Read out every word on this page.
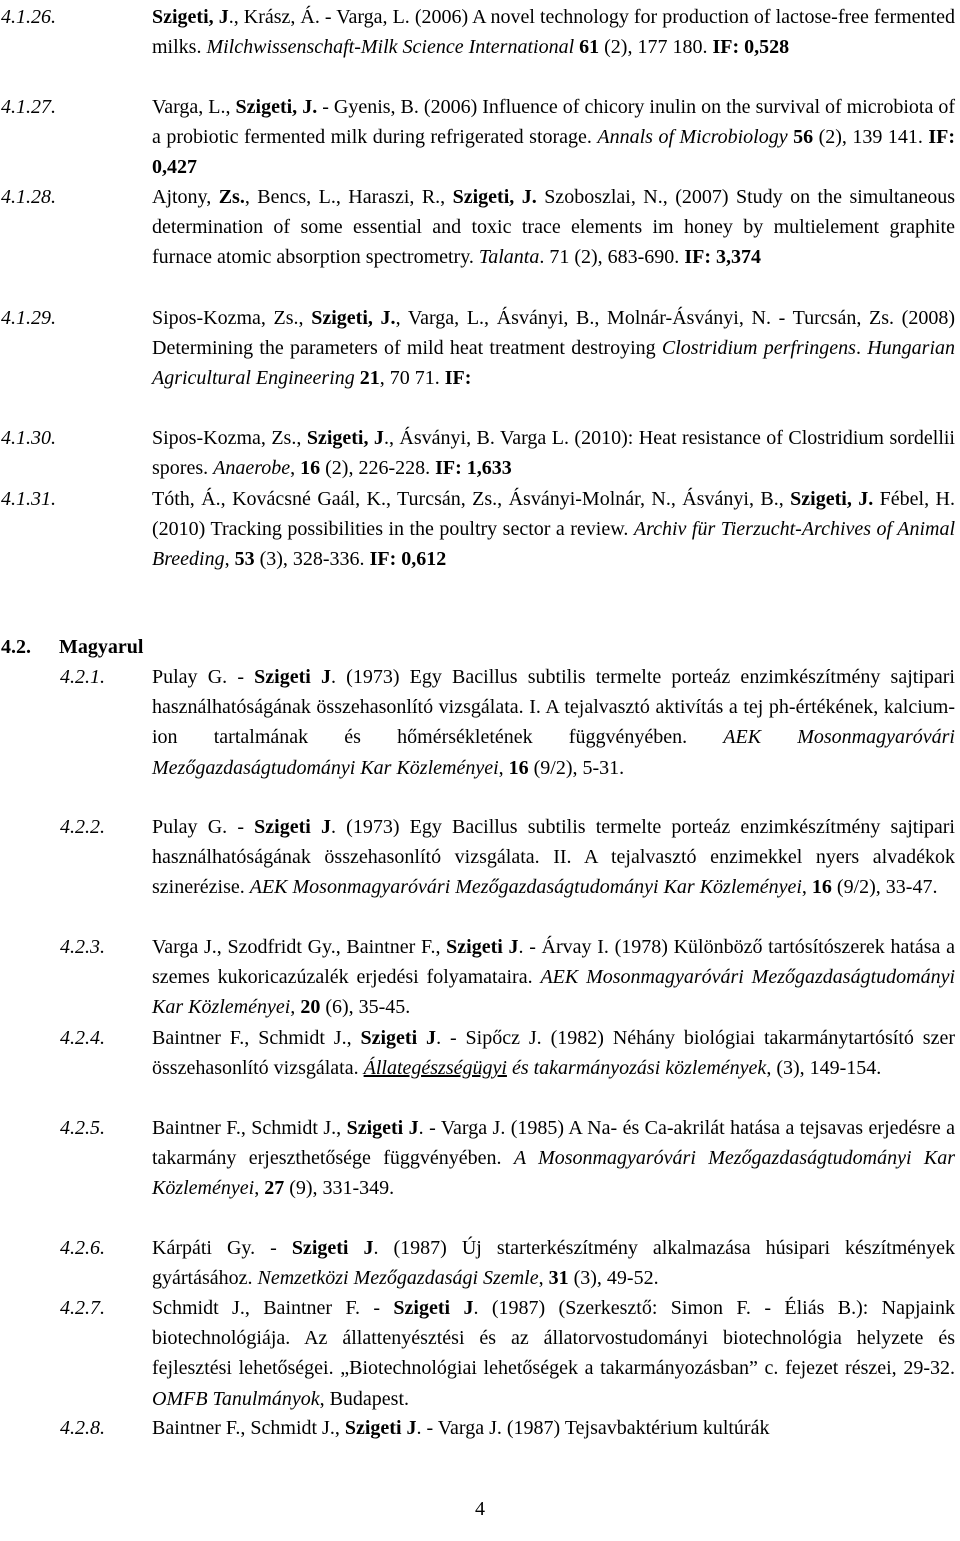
4.1.26.	Szigeti, J., Krász, Á. - Varga, L. (2006) A novel technology for production of lactose-free fermented milks. Milchwissenschaft-Milk Science International 61 (2), 177 180. IF: 0,528
4.1.27.	Varga, L., Szigeti, J. - Gyenis, B. (2006) Influence of chicory inulin on the survival of microbiota of a probiotic fermented milk during refrigerated storage. Annals of Microbiology 56 (2), 139 141. IF: 0,427
4.1.28.	Ajtony, Zs., Bencs, L., Haraszi, R., Szigeti, J. Szoboszlai, N., (2007) Study on the simultaneous determination of some essential and toxic trace elements im honey by multielement graphite furnace atomic absorption spectrometry. Talanta. 71 (2), 683-690. IF: 3,374
4.1.29.	Sipos-Kozma, Zs., Szigeti, J., Varga, L., Ásványi, B., Molnár-Ásványi, N. - Turcsán, Zs. (2008) Determining the parameters of mild heat treatment destroying Clostridium perfringens. Hungarian Agricultural Engineering 21, 70 71. IF:
4.1.30.	Sipos-Kozma, Zs., Szigeti, J., Ásványi, B. Varga L. (2010): Heat resistance of Clostridium sordellii spores. Anaerobe, 16 (2), 226-228. IF: 1,633
4.1.31.	Tóth, Á., Kovácsné Gaál, K., Turcsán, Zs., Ásványi-Molnár, N., Ásványi, B., Szigeti, J. Fébel, H. (2010) Tracking possibilities in the poultry sector a review. Archiv für Tierzucht-Archives of Animal Breeding, 53 (3), 328-336. IF: 0,612
4.2. Magyarul
4.2.1. Pulay G. - Szigeti J. (1973) Egy Bacillus subtilis termelte porteáz enzimkészítmény sajtipari használhatóságának összehasonlító vizsgálata. I. A tejalvasztó aktivítás a tej ph-értékének, kalcium-ion tartalmának és hőmérsékletének függvényében. AEK Mosonmagyaróvári Mezőgazdaságtudományi Kar Közleményei, 16 (9/2), 5-31.
4.2.2. Pulay G. - Szigeti J. (1973) Egy Bacillus subtilis termelte porteáz enzimkészítmény sajtipari használhatóságának összehasonlító vizsgálata. II. A tejalvasztó enzimekkel nyers alvadékok szinerézise. AEK Mosonmagyaróvári Mezőgazdaságtudományi Kar Közleményei, 16 (9/2), 33-47.
4.2.3. Varga J., Szodfridt Gy., Baintner F., Szigeti J. - Árvay I. (1978) Különböző tartósítószerek hatása a szemes kukoricazúzalék erjedési folyamataira. AEK Mosonmagyaróvári Mezőgazdaságtudományi Kar Közleményei, 20 (6), 35-45.
4.2.4. Baintner F., Schmidt J., Szigeti J. - Sipőcz J. (1982) Néhány biológiai takarmánytartósító szer összehasonlító vizsgálata. Állategészségügyi és takarmányozási közlemények, (3), 149-154.
4.2.5. Baintner F., Schmidt J., Szigeti J. - Varga J. (1985) A Na- és Ca-akrilát hatása a tejsavas erjedésre a takarmány erjeszthetősége függvényében. A Mosonmagyaróvári Mezőgazdaságtudományi Kar Közleményei, 27 (9), 331-349.
4.2.6. Kárpáti Gy. - Szigeti J. (1987) Új starterkészítmény alkalmazása húsipari készítmények gyártásához. Nemzetközi Mezőgazdasági Szemle, 31 (3), 49-52.
4.2.7. Schmidt J., Baintner F. - Szigeti J. (1987) (Szerkesztő: Simon F. - Éliás B.): Napjaink biotechnológiája. Az állattenyésztési és az állatorvostudományi biotechnológia helyzete és fejlesztési lehetőségei. „Biotechnológiai lehetőségek a takarmányozásban” c. fejezet részei, 29-32. OMFB Tanulmányok, Budapest.
4.2.8. Baintner F., Schmidt J., Szigeti J. - Varga J. (1987) Tejsavbaktérium kultúrák
4
